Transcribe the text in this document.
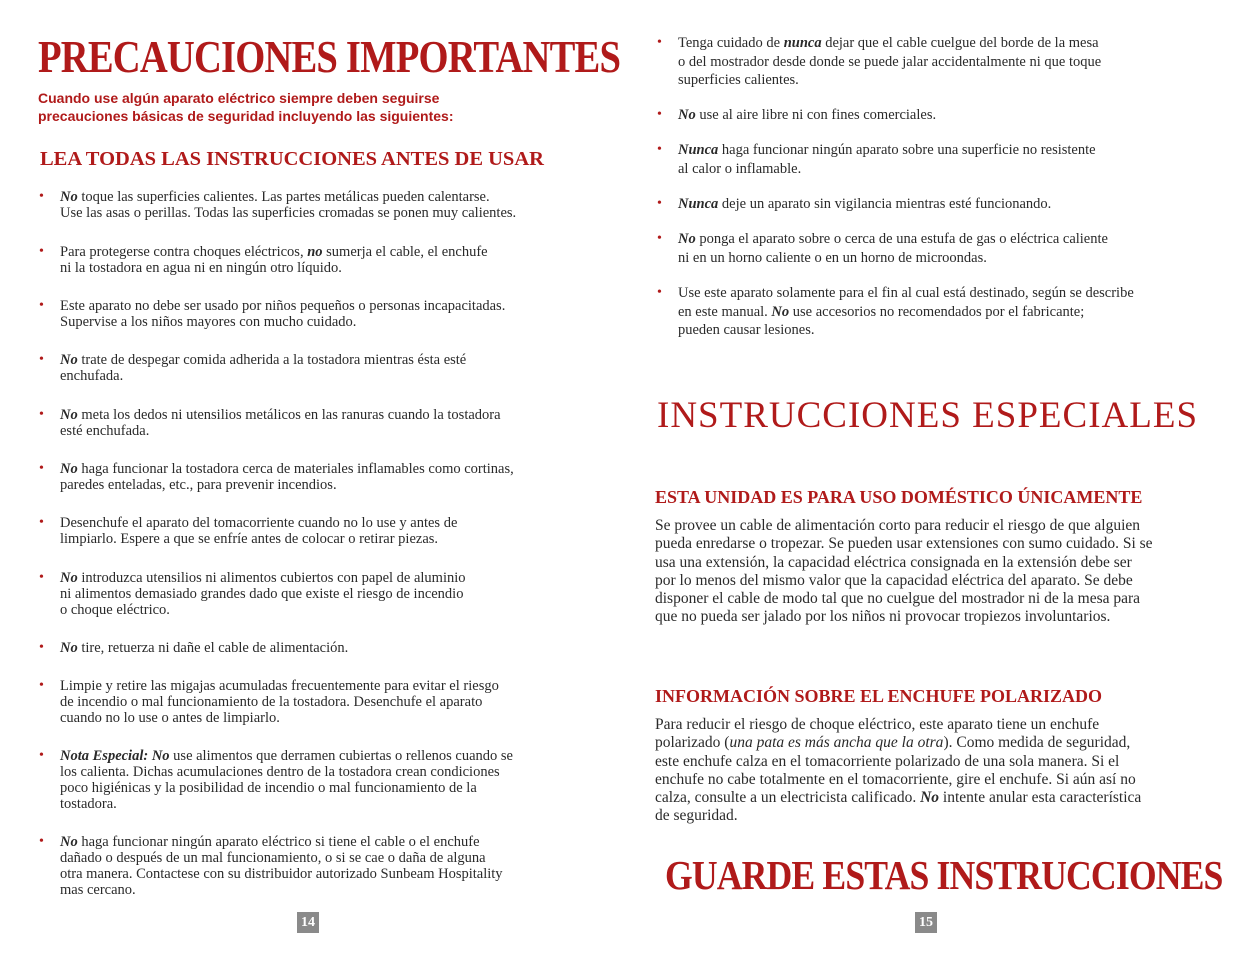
PRECAUCIONES IMPORTANTES

Cuando use algún aparato eléctrico siempre deben seguirse
precauciones básicas de seguridad incluyendo las siguientes:

LEA TODAS LAS INSTRUCCIONES ANTES DE USAR
• No toque las superficies calientes. Las partes metálicas pueden calentarse.
Use las asas o perillas. Todas las superficies cromadas se ponen muy calientes.
• Para protegerse contra choques eléctricos, no sumerja el cable, el enchufe
ni la tostadora en agua ni en ningún otro líquido.
• Este aparato no debe ser usado por niños pequeños o personas incapacitadas.
Supervise a los niños mayores con mucho cuidado.
• No trate de despegar comida adherida a la tostadora mientras ésta esté
enchufada.
• No meta los dedos ni utensilios metálicos en las ranuras cuando la tostadora
esté enchufada.
• No haga funcionar la tostadora cerca de materiales inflamables como cortinas,
paredes enteladas, etc., para prevenir incendios.
• Desenchufe el aparato del tomacorriente cuando no lo use y antes de
limpiarlo. Espere a que se enfríe antes de colocar o retirar piezas.
• No introduzca utensilios ni alimentos cubiertos con papel de aluminio
ni alimentos demasiado grandes dado que existe el riesgo de incendio
o choque eléctrico.
• No tire, retuerza ni dañe el cable de alimentación.
• Limpie y retire las migajas acumuladas frecuentemente para evitar el riesgo
de incendio o mal funcionamiento de la tostadora. Desenchufe el aparato
cuando no lo use o antes de limpiarlo.
• Nota Especial: No use alimentos que derramen cubiertas o rellenos cuando se
los calienta. Dichas acumulaciones dentro de la tostadora crean condiciones
poco higiénicas y la posibilidad de incendio o mal funcionamiento de la
tostadora.
• No haga funcionar ningún aparato eléctrico si tiene el cable o el enchufe
dañado o después de un mal funcionamiento, o si se cae o daña de alguna
otra manera. Contactese con su distribuidor autorizado Sunbeam Hospitality
mas cercano.
14
• Tenga cuidado de nunca dejar que el cable cuelgue del borde de la mesa
o del mostrador desde donde se puede jalar accidentalmente ni que toque
superficies calientes.
• No use al aire libre ni con fines comerciales.
• Nunca haga funcionar ningún aparato sobre una superficie no resistente
al calor o inflamable.
• Nunca deje un aparato sin vigilancia mientras esté funcionando.
• No ponga el aparato sobre o cerca de una estufa de gas o eléctrica caliente
ni en un horno caliente o en un horno de microondas.
• Use este aparato solamente para el fin al cual está destinado, según se describe
en este manual. No use accesorios no recomendados por el fabricante;
pueden causar lesiones.
INSTRUCCIONES ESPECIALES
ESTA UNIDAD ES PARA USO DOMÉSTICO ÚNICAMENTE

Se provee un cable de alimentación corto para reducir el riesgo de que alguien
pueda enredarse o tropezar. Se pueden usar extensiones con sumo cuidado. Si se
usa una extensión, la capacidad eléctrica consignada en la extensión debe ser
por lo menos del mismo valor que la capacidad eléctrica del aparato. Se debe
disponer el cable de modo tal que no cuelgue del mostrador ni de la mesa para
que no pueda ser jalado por los niños ni provocar tropiezos involuntarios.

INFORMACIÓN SOBRE EL ENCHUFE POLARIZADO

Para reducir el riesgo de choque eléctrico, este aparato tiene un enchufe
polarizado (una pata es más ancha que la otra). Como medida de seguridad,
este enchufe calza en el tomacorriente polarizado de una sola manera. Si el
enchufe no cabe totalmente en el tomacorriente, gire el enchufe. Si aún así no
calza, consulte a un electricista calificado. No intente anular esta característica
de seguridad.

GUARDE ESTAS INSTRUCCIONES
15
